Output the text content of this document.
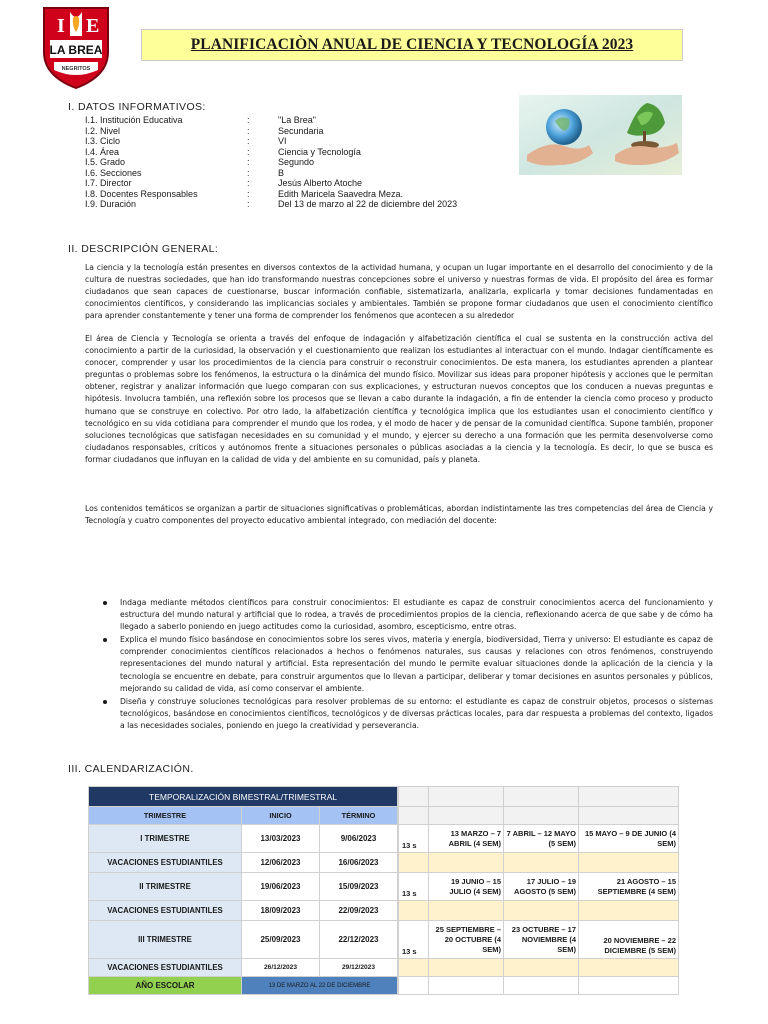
I E
LA BREA
NEGRITOS
PLANIFICACIÒN ANUAL DE CIENCIA Y TECNOLOGÍA 2023
I. DATOS INFORMATIVOS:
I.1. Institución Educativa	:	"La Brea"
I.2. Nivel	:	Secundaria
I.3. Ciclo	:	VI
I.4. Área	:	Ciencia y Tecnología
I.5. Grado	:	Segundo
I.6. Secciones	:	B
I.7. Director	:	Jesús Alberto Atoche
I.8. Docentes Responsables	:	Edith Maricela Saavedra Meza.
I.9. Duración	:	Del 13 de marzo al 22 de diciembre del 2023
II. DESCRIPCIÓN GENERAL:
La ciencia y la tecnología están presentes en diversos contextos de la actividad humana, y ocupan un lugar importante en el desarrollo del conocimiento y de la cultura de nuestras sociedades, que han ido transformando nuestras concepciones sobre el universo y nuestras formas de vida. El propósito del área es formar ciudadanos que sean capaces de cuestionarse, buscar información confiable, sistematizarla, analizarla, explicarla y tomar decisiones fundamentadas en conocimientos científicos, y considerando las implicancias sociales y ambientales. También se propone formar ciudadanos que usen el conocimiento científico para aprender constantemente y tener una forma de comprender los fenómenos que acontecen a su alrededor
El área de Ciencia y Tecnología se orienta a través del enfoque de indagación y alfabetización científica el cual se sustenta en la construcción activa del conocimiento a partir de la curiosidad, la observación y el cuestionamiento que realizan los estudiantes al interactuar con el mundo. Indagar científicamente es conocer, comprender y usar los procedimientos de la ciencia para construir o reconstruir conocimientos. De esta manera, los estudiantes aprenden a plantear preguntas o problemas sobre los fenómenos, la estructura o la dinámica del mundo físico. Movilizar sus ideas para proponer hipótesis y acciones que le permitan obtener, registrar y analizar información que luego comparan con sus explicaciones, y estructuran nuevos conceptos que los conducen a nuevas preguntas e hipótesis. Involucra también, una reflexión sobre los procesos que se llevan a cabo durante la indagación, a fin de entender la ciencia como proceso y producto humano que se construye en colectivo. Por otro lado, la alfabetización científica y tecnológica implica que los estudiantes usan el conocimiento científico y tecnológico en su vida cotidiana para comprender el mundo que los rodea, y el modo de hacer y de pensar de la comunidad científica. Supone también, proponer soluciones tecnológicas que satisfagan necesidades en su comunidad y el mundo, y ejercer su derecho a una formación que les permita desenvolverse como ciudadanos responsables, críticos y autónomos frente a situaciones personales o públicas asociadas a la ciencia y la tecnología. Es decir, lo que se busca es formar ciudadanos que influyan en la calidad de vida y del ambiente en su comunidad, país y planeta.
Los contenidos temáticos se organizan a partir de situaciones significativas o problemáticas, abordan indistintamente las tres competencias del área de Ciencia y Tecnología y cuatro componentes del proyecto educativo ambiental integrado, con mediación del docente:
Indaga mediante métodos científicos para construir conocimientos: El estudiante es capaz de construir conocimientos acerca del funcionamiento y estructura del mundo natural y artificial que lo rodea, a través de procedimientos propios de la ciencia, reflexionando acerca de que sabe y de cómo ha llegado a saberlo poniendo en juego actitudes como la curiosidad, asombro, escepticismo, entre otras.
Explica el mundo físico basándose en conocimientos sobre los seres vivos, materia y energía, biodiversidad, Tierra y universo: El estudiante es capaz de comprender conocimientos científicos relacionados a hechos o fenómenos naturales, sus causas y relaciones con otros fenómenos, construyendo representaciones del mundo natural y artificial. Esta representación del mundo le permite evaluar situaciones donde la aplicación de la ciencia y la tecnología se encuentre en debate, para construir argumentos que lo llevan a participar, deliberar y tomar decisiones en asuntos personales y públicos, mejorando su calidad de vida, así como conservar el ambiente.
Diseña y construye soluciones tecnológicas para resolver problemas de su entorno: el estudiante es capaz de construir objetos, procesos o sistemas tecnológicos, basándose en conocimientos científicos, tecnológicos y de diversas prácticas locales, para dar respuesta a problemas del contexto, ligados a las necesidades sociales, poniendo en juego la creatividad y perseverancia.
III. CALENDARIZACIÓN.
TEMPORALIZACIÓN BIMESTRAL/TRIMESTRAL						
TRIMESTRE	INICIO	TÉRMINO					
I TRIMESTRE	13/03/2023	9/06/2023		13 s	13 MARZO – 7 ABRIL (4 SEM)	7 ABRIL – 12 MAYO (5 SEM)	15 MAYO – 9 DE JUNIO (4 SEM)
VACACIONES ESTUDIANTILES	12/06/2023	16/06/2023					
II TRIMESTRE	19/06/2023	15/09/2023		13 s	19 JUNIO – 15 JULIO (4 SEM)	17 JULIO – 19 AGOSTO (5 SEM)	21 AGOSTO – 15 SEPTIEMBRE (4 SEM)
VACACIONES ESTUDIANTILES	18/09/2023	22/09/2023					
III TRIMESTRE	25/09/2023	22/12/2023		13 s	25 SEPTIEMBRE – 20 OCTUBRE (4 SEM)	23 OCTUBRE – 17 NOVIEMBRE (4 SEM)	20 NOVIEMBRE – 22 DICIEMBRE (5 SEM)
VACACIONES ESTUDIANTILES	26/12/2023	29/12/2023					
AÑO ESCOLAR	13 DE MARZO AL 22 DE DICIEMBRE					
